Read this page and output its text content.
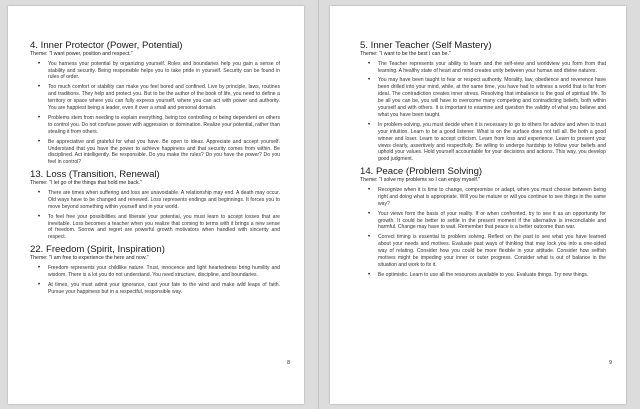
4. Inner Protector (Power, Potential)
Theme: "I want power, position and respect."
• You harness your potential by organizing yourself. Roles and boundaries help you gain a sense of stability and security. Being responsible helps you to take pride in yourself. Security can be found in rules of order.
• Too much comfort or stability can make you feel bored and confined. Live by principle, laws, routines and traditions. They help and protect you. But to be the author of the book of life, you need to define a territory or space where you can fully express yourself, where you can act with power and authority. You are happiest being a leader, even if over a small and personal domain.
• Problems stem from needing to explain everything, being too controlling or being dependent on others to control you. Do not confuse power with aggression or domination. Realize your potential, rather than stealing it from others.
• Be appreciative and grateful for what you have. Be open to ideas. Appreciate and accept yourself. Understand that you have the power to achieve happiness and that security comes from within. Be disciplined. Act intelligently. Be responsible. Do you make the rules? Do you have the power? Do you feel in control?
13. Loss (Transition, Renewal)
Theme: "I let go of the things that hold me back."
• There are times when suffering and loss are unavoidable. A relationship may end. A death may occur. Old ways have to be changed and renewed. Loss represents endings and beginnings. It forces you to move beyond something within yourself and in your world.
• To feel free your possibilities and liberate your potential, you must learn to accept losses that are inevitable. Loss becomes a teacher when you realize that coming to terms with it brings a new sense of freedom. Sorrow and regret are powerful growth motivators when handled with sincerity and respect.
22. Freedom (Spirit, Inspiration)
Theme: "I am free to experience the here and now."
• Freedom represents your childlike nature. Trust, innocence and light heartedness bring humility and wisdom. There is a lot you do not understand. You need structure, discipline, and boundaries.
• At times, you must admit your ignorance, cast your fate to the wind and make wild leaps of faith. Pursue your happiness but in a respectful, responsible way.
8
5. Inner Teacher (Self Mastery)
Theme: "I want to be the best I can be."
• The Teacher represents your ability to learn and the self-view and worldview you form from that learning. A healthy state of heart and mind creates unity between your human and divine natures.
• You may have been taught to fear or respect authority. Morality, law, obedience and reverence have been drilled into your mind, while, at the same time, you have had to witness a world that is far from ideal. The contradiction creates inner stress. Resolving that imbalance is the goal of spiritual life. To be all you can be, you will have to overcome many competing and contradicting beliefs, both within yourself and with others. It is important to examine and question the validity of what you believe and what you have been taught.
• In problem-solving, you must decide when it is necessary to go to others for advice and when to trust your intuition. Learn to be a good listener. What is on the surface does not tell all. Be both a good winner and loser. Learn to accept criticism. Learn from loss and experience. Learn to present your views clearly, assertively and respectfully. Be willing to undergo hardship to follow your beliefs and uphold your values. Hold yourself accountable for your decisions and actions. This way, you develop good judgment.
14. Peace (Problem Solving)
Theme: "I solve my problems so I can enjoy myself."
• Recognize when it is time to change, compromise or adapt, when you must choose between being right and doing what is appropriate. Will you be mature or will you continue to see things in the same way?
• Your views form the basis of your reality. If or when confronted, try to see it as an opportunity for growth. It could be better to settle in the present moment if the alternative is irreconcilable and harmful. Change may have to wait. Remember that peace is a better outcome than war.
• Correct timing is essential to problem solving. Reflect on the past to see what you have learned about your needs and motives. Evaluate past ways of thinking that may lock you into a one-sided way of relating. Consider how you could be more flexible in your attitude. Consider how selfish motives might be impeding your inner or outer progress. Consider what is out of balance in the situation and work to fix it.
• Be optimistic. Learn to use all the resources available to you. Evaluate things. Try new things.
9
